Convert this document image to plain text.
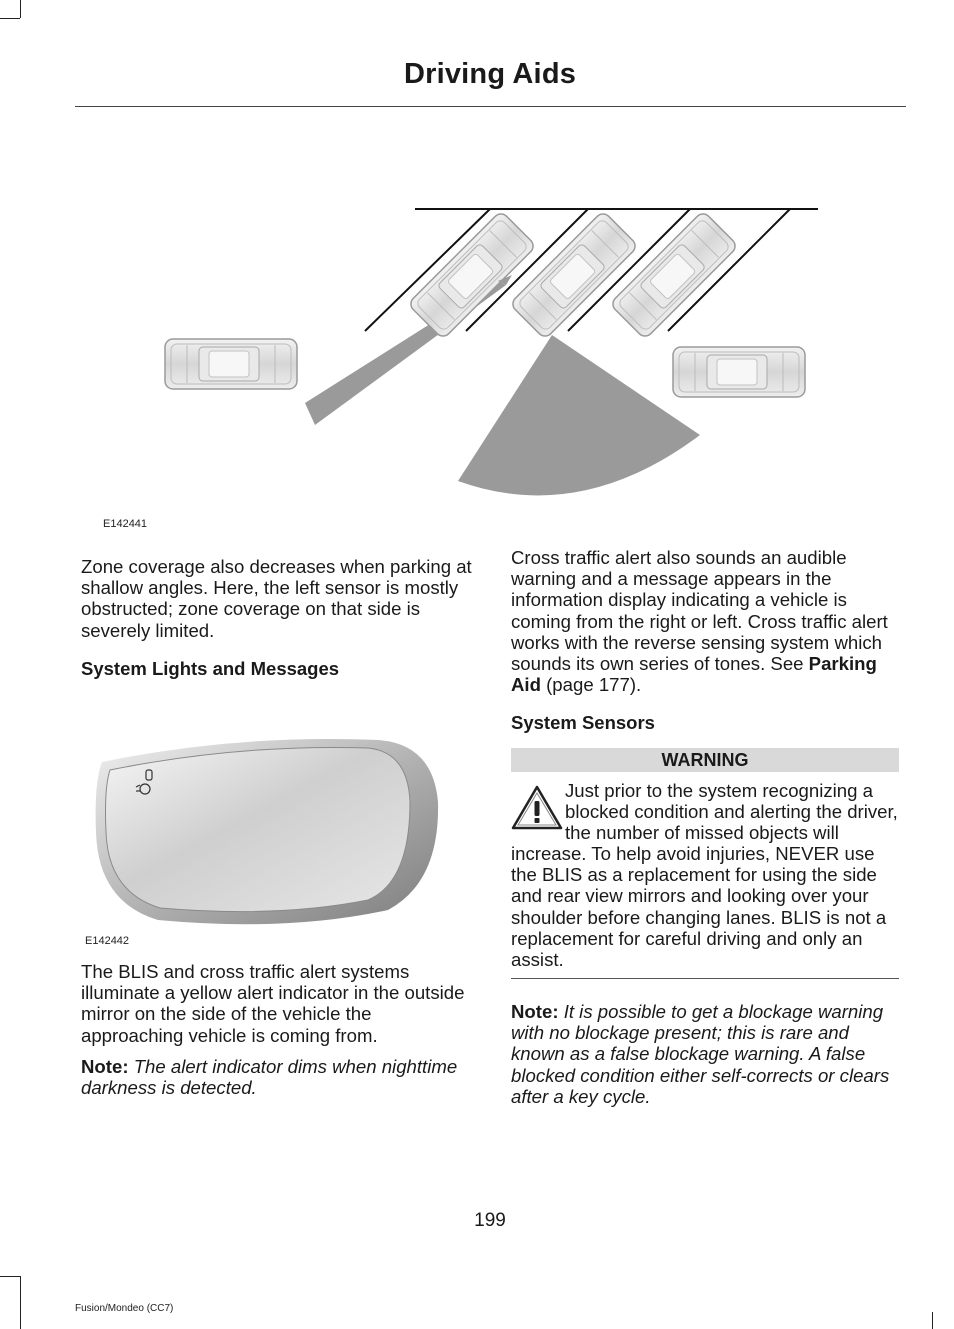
Driving Aids
E142441

Zone coverage also decreases when parking at shallow angles. Here, the left sensor is mostly obstructed; zone coverage on that side is severely limited.

System Lights and Messages

E142442

The BLIS and cross traffic alert systems illuminate a yellow alert indicator in the outside mirror on the side of the vehicle the approaching vehicle is coming from.

Note: The alert indicator dims when nighttime darkness is detected.

Cross traffic alert also sounds an audible warning and a message appears in the information display indicating a vehicle is coming from the right or left. Cross traffic alert works with the reverse sensing system which sounds its own series of tones. See Parking Aid (page 177).

System Sensors

WARNING
Just prior to the system recognizing a blocked condition and alerting the driver, the number of missed objects will increase. To help avoid injuries, NEVER use the BLIS as a replacement for using the side and rear view mirrors and looking over your shoulder before changing lanes. BLIS is not a replacement for careful driving and only an assist.

Note: It is possible to get a blockage warning with no blockage present; this is rare and known as a false blockage warning. A false blocked condition either self-corrects or clears after a key cycle.

199
Fusion/Mondeo (CC7)
